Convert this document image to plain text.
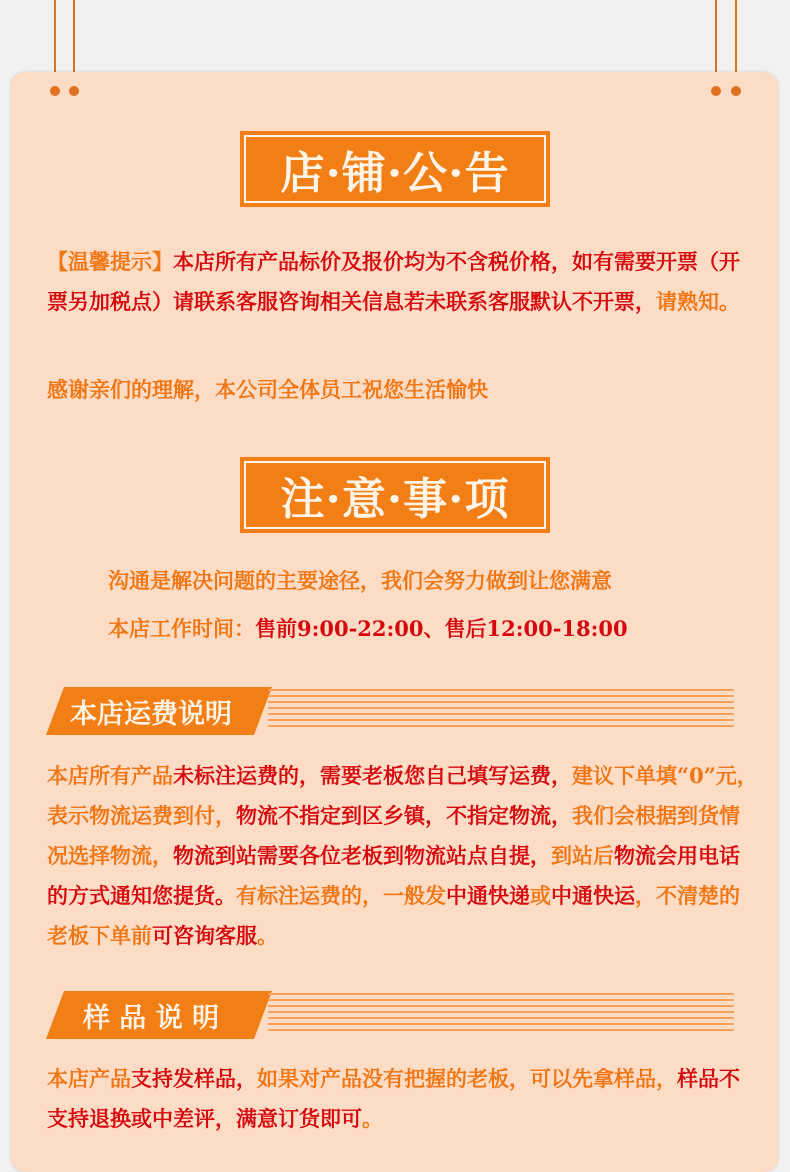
店·铺·公·告

【温馨提示】本店所有产品标价及报价均为不含税价格，如有需要开票（开票另加税点）请联系客服咨询相关信息若未联系客服默认不开票，请熟知。

感谢亲们的理解，本公司全体员工祝您生活愉快

注·意·事·项
沟通是解决问题的主要途径，我们会努力做到让您满意
本店工作时间：售前9:00-22:00、售后12:00-18:00
本店运费说明

本店所有产品未标注运费的，需要老板您自己填写运费，建议下单填“0”元，表示物流运费到付，物流不指定到区乡镇，不指定物流，我们会根据到货情况选择物流，物流到站需要各位老板到物流站点自提，到站后物流会用电话的方式通知您提货。有标注运费的，一般发中通快递或中通快运，不清楚的老板下单前可咨询客服。

样 品 说 明

本店产品支持发样品，如果对产品没有把握的老板，可以先拿样品，样品不支持退换或中差评，满意订货即可。
